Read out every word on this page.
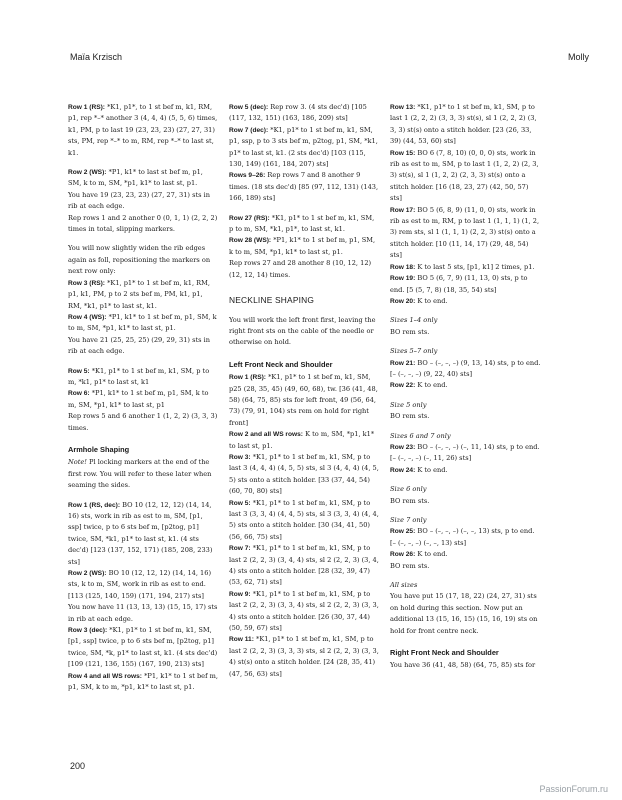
Maïa Krzisch	Molly

Row 1 (RS): *K1, p1*, to 1 st bef m, k1, RM, p1, rep *–* another 3 (4, 4, 4) (5, 5, 6) times, k1, PM, p to last 19 (23, 23, 23) (27, 27, 31) sts, PM, rep *–* to m, RM, rep *–* to last st, k1.

Row 2 (WS): *P1, k1* to last st bef m, p1, SM, k to m, SM, *p1, k1* to last st, p1.

You have 19 (23, 23, 23) (27, 27, 31) sts in rib at each edge.

Rep rows 1 and 2 another 0 (0, 1, 1) (2, 2, 2) times in total, slipping markers.

You will now slightly widen the rib edges again as foll, repositioning the markers on next row only:

Row 3 (RS): *K1, p1* to 1 st bef m, k1, RM, p1, k1, PM, p to 2 sts bef m, PM, k1, p1, RM, *k1, p1* to last st, k1.

Row 4 (WS): *P1, k1* to 1 st bef m, p1, SM, k to m, SM, *p1, k1* to last st, p1.

You have 21 (25, 25, 25) (29, 29, 31) sts in rib at each edge.

Row 5: *K1, p1* to 1 st bef m, k1, SM, p to m, *k1, p1* to last st, k1

Row 6: *P1, k1* to 1 st bef m, p1, SM, k to m, SM, *p1, k1* to last st, p1

Rep rows 5 and 6 another 1 (1, 2, 2) (3, 3, 3) times.

Armhole Shaping

Note! Pl locking markers at the end of the first row. You will refer to these later when seaming the sides.

Row 1 (RS, dec): BO 10 (12, 12, 12) (14, 14, 16) sts, work in rib as est to m, SM, [p1, ssp] twice, p to 6 sts bef m, [p2tog, p1] twice, SM, *k1, p1* to last st, k1. (4 sts dec'd) [123 (137, 152, 171) (185, 208, 233) sts]

Row 2 (WS): BO 10 (12, 12, 12) (14, 14, 16) sts, k to m, SM, work in rib as est to end. [113 (125, 140, 159) (171, 194, 217) sts]

You now have 11 (13, 13, 13) (15, 15, 17) sts in rib at each edge.

Row 3 (dec): *K1, p1* to 1 st bef m, k1, SM, [p1, ssp] twice, p to 6 sts bef m, [p2tog, p1] twice, SM, *k, p1* to last st, k1. (4 sts dec'd) [109 (121, 136, 155) (167, 190, 213) sts]

Row 4 and all WS rows: *P1, k1* to 1 st bef m, p1, SM, k to m, *p1, k1* to last st, p1.

Row 5 (dec): Rep row 3. (4 sts dec'd) [105 (117, 132, 151) (163, 186, 209) sts]

Row 7 (dec): *K1, p1* to 1 st bef m, k1, SM, p1, ssp, p to 3 sts bef m, p2tog, p1, SM, *k1, p1* to last st, k1. (2 sts dec'd) [103 (115, 130, 149) (161, 184, 207) sts]

Rows 9–26: Rep rows 7 and 8 another 9 times. (18 sts dec'd) [85 (97, 112, 131) (143, 166, 189) sts]

Row 27 (RS): *K1, p1* to 1 st bef m, k1, SM, p to m, SM, *k1, p1*, to last st, k1.

Row 28 (WS): *P1, k1* to 1 st bef m, p1, SM, k to m, SM, *p1, k1* to last st, p1.

Rep rows 27 and 28 another 8 (10, 12, 12) (12, 12, 14) times.

NECKLINE SHAPING

You will work the left front first, leaving the right front sts on the cable of the needle or otherwise on hold.

Left Front Neck and Shoulder

Row 1 (RS): *K1, p1* to 1 st bef m, k1, SM, p25 (28, 35, 45) (49, 60, 68), tw. [36 (41, 48, 58) (64, 75, 85) sts for left front, 49 (56, 64, 73) (79, 91, 104) sts rem on hold for right front]

Row 2 and all WS rows: K to m, SM, *p1, k1* to last st, p1.

Row 3: *K1, p1* to 1 st bef m, k1, SM, p to last 3 (4, 4, 4) (4, 5, 5) sts, sl 3 (4, 4, 4) (4, 5, 5) sts onto a stitch holder. [33 (37, 44, 54) (60, 70, 80) sts]

Row 5: *K1, p1* to 1 st bef m, k1, SM, p to last 3 (3, 3, 4) (4, 4, 5) sts, sl 3 (3, 3, 4) (4, 4, 5) sts onto a stitch holder. [30 (34, 41, 50) (56, 66, 75) sts]

Row 7: *K1, p1* to 1 st bef m, k1, SM, p to last 2 (2, 2, 3) (3, 4, 4) sts, sl 2 (2, 2, 3) (3, 4, 4) sts onto a stitch holder. [28 (32, 39, 47) (53, 62, 71) sts]

Row 9: *K1, p1* to 1 st bef m, k1, SM, p to last 2 (2, 2, 3) (3, 3, 4) sts, sl 2 (2, 2, 3) (3, 3, 4) sts onto a stitch holder. [26 (30, 37, 44) (50, 59, 67) sts]

Row 11: *K1, p1* to 1 st bef m, k1, SM, p to last 2 (2, 2, 3) (3, 3, 3) sts, sl 2 (2, 2, 3) (3, 3, 4) st(s) onto a stitch holder. [24 (28, 35, 41) (47, 56, 63) sts]

Row 13: *K1, p1* to 1 st bef m, k1, SM, p to last 1 (2, 2, 2) (3, 3, 3) st(s), sl 1 (2, 2, 2) (3, 3, 3) st(s) onto a stitch holder. [23 (26, 33, 39) (44, 53, 60) sts]

Row 15: BO 6 (7, 8, 10) (0, 0, 0) sts, work in rib as est to m, SM, p to last 1 (1, 2, 2) (2, 3, 3) st(s), sl 1 (1, 2, 2) (2, 3, 3) st(s) onto a stitch holder. [16 (18, 23, 27) (42, 50, 57) sts]

Row 17: BO 5 (6, 8, 9) (11, 0, 0) sts, work in rib as est to m, RM, p to last 1 (1, 1, 1) (1, 2, 3) rem sts, sl 1 (1, 1, 1) (2, 2, 3) st(s) onto a stitch holder. [10 (11, 14, 17) (29, 48, 54) sts]

Row 18: K to last 5 sts, [p1, k1] 2 times, p1.

Row 19: BO 5 (6, 7, 9) (11, 13, 0) sts, p to end. [5 (5, 7, 8) (18, 35, 54) sts]

Row 20: K to end.

Sizes 1–4 only

BO rem sts.

Sizes 5–7 only

Row 21: BO – (–, –, –) (9, 13, 14) sts, p to end. [– (–, –, –) (9, 22, 40) sts]

Row 22: K to end.

Size 5 only

BO rem sts.

Sizes 6 and 7 only

Row 23: BO – (–, –, –) (–, 11, 14) sts, p to end. [– (–, –, –) (–, 11, 26) sts]

Row 24: K to end.

Size 6 only

BO rem sts.

Size 7 only

Row 25: BO – (–, –, –) (–, –, 13) sts, p to end. [– (–, –, –) (–, –, 13) sts]

Row 26: K to end.

BO rem sts.

All sizes

You have put 15 (17, 18, 22) (24, 27, 31) sts on hold during this section. Now put an additional 13 (15, 16, 15) (15, 16, 19) sts on hold for front centre neck.

Right Front Neck and Shoulder

You have 36 (41, 48, 58) (64, 75, 85) sts for

200
PassionForum.ru
